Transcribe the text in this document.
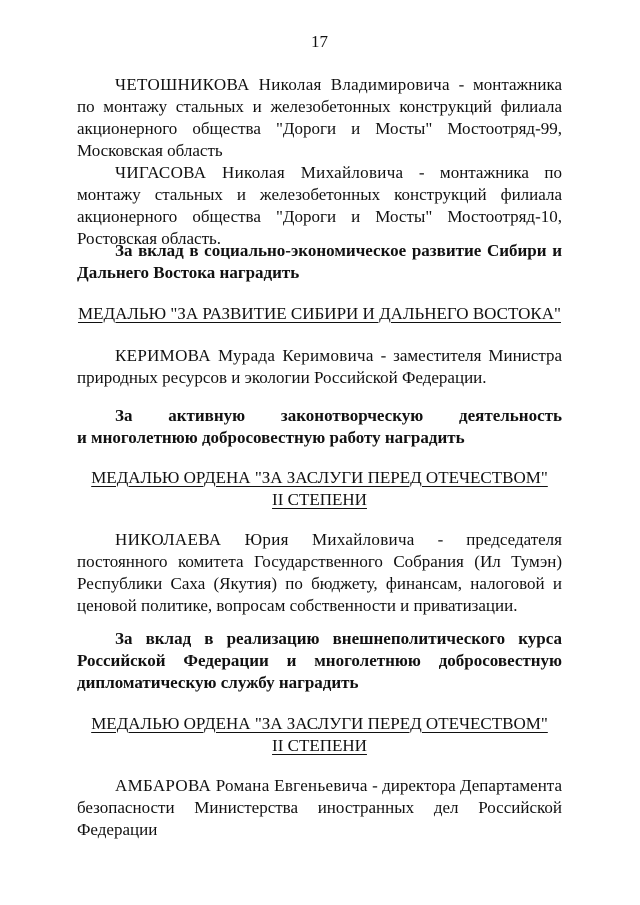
17

ЧЕТОШНИКОВА Николая Владимировича - монтажника по монтажу стальных и железобетонных конструкций филиала акционерного общества "Дороги и Мосты" Мостоотряд-99, Московская область

ЧИГАСОВА Николая Михайловича - монтажника по монтажу стальных и железобетонных конструкций филиала акционерного общества "Дороги и Мосты" Мостоотряд-10, Ростовская область.

За вклад в социально-экономическое развитие Сибири и Дальнего Востока наградить

МЕДАЛЬЮ "ЗА РАЗВИТИЕ СИБИРИ И ДАЛЬНЕГО ВОСТОКА"

КЕРИМОВА Мурада Керимовича - заместителя Министра природных ресурсов и экологии Российской Федерации.

За активную законотворческую деятельность
и многолетнюю добросовестную работу наградить
МЕДАЛЬЮ ОРДЕНА "ЗА ЗАСЛУГИ ПЕРЕД ОТЕЧЕСТВОМ"
II СТЕПЕНИ

НИКОЛАЕВА Юрия Михайловича - председателя постоянного комитета Государственного Собрания (Ил Тумэн) Республики Саха (Якутия) по бюджету, финансам, налоговой и ценовой политике, вопросам собственности и приватизации.

За вклад в реализацию внешнеполитического курса Российской Федерации и многолетнюю добросовестную дипломатическую службу наградить

МЕДАЛЬЮ ОРДЕНА "ЗА ЗАСЛУГИ ПЕРЕД ОТЕЧЕСТВОМ"
II СТЕПЕНИ

АМБАРОВА Романа Евгеньевича - директора Департамента безопасности Министерства иностранных дел Российской Федерации
